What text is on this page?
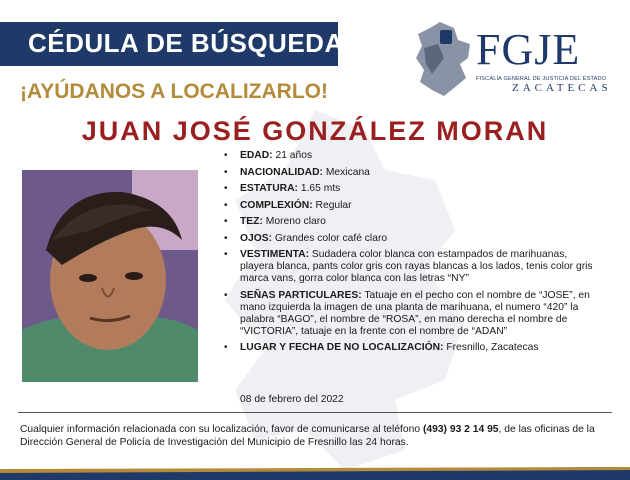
CÉDULA DE BÚSQUEDA
¡AYÚDANOS A LOCALIZARLO!
FGJE
FISCALÍA GENERAL DE JUSTICIA DEL ESTADO
ZACATECAS
JUAN JOSÉ GONZÁLEZ MORAN
• EDAD: 21 años
• NACIONALIDAD: Mexicana
• ESTATURA: 1.65 mts
• COMPLEXIÓN: Regular
• TEZ: Moreno claro
• OJOS: Grandes color café claro
• VESTIMENTA: Sudadera color blanca con estampados de marihuanas, playera blanca, pants color gris con rayas blancas a los lados, tenis color gris marca vans, gorra color blanca con las letras “NY”
• SEÑAS PARTICULARES: Tatuaje en el pecho con el nombre de “JOSE”, en mano izquierda la imagen de una planta de marihuana, el numero “420” la palabra “BAGO”, el nombre de “ROSA”, en mano derecha el nombre de “VICTORIA”, tatuaje en la frente con el nombre de “ADAN”
• LUGAR Y FECHA DE NO LOCALIZACIÓN: Fresnillo, Zacatecas
08 de febrero del 2022
Cualquier información relacionada con su localización, favor de comunicarse al teléfono (493) 93 2 14 95, de las oficinas de la Dirección General de Policía de Investigación del Municipio de Fresnillo las 24 horas.
